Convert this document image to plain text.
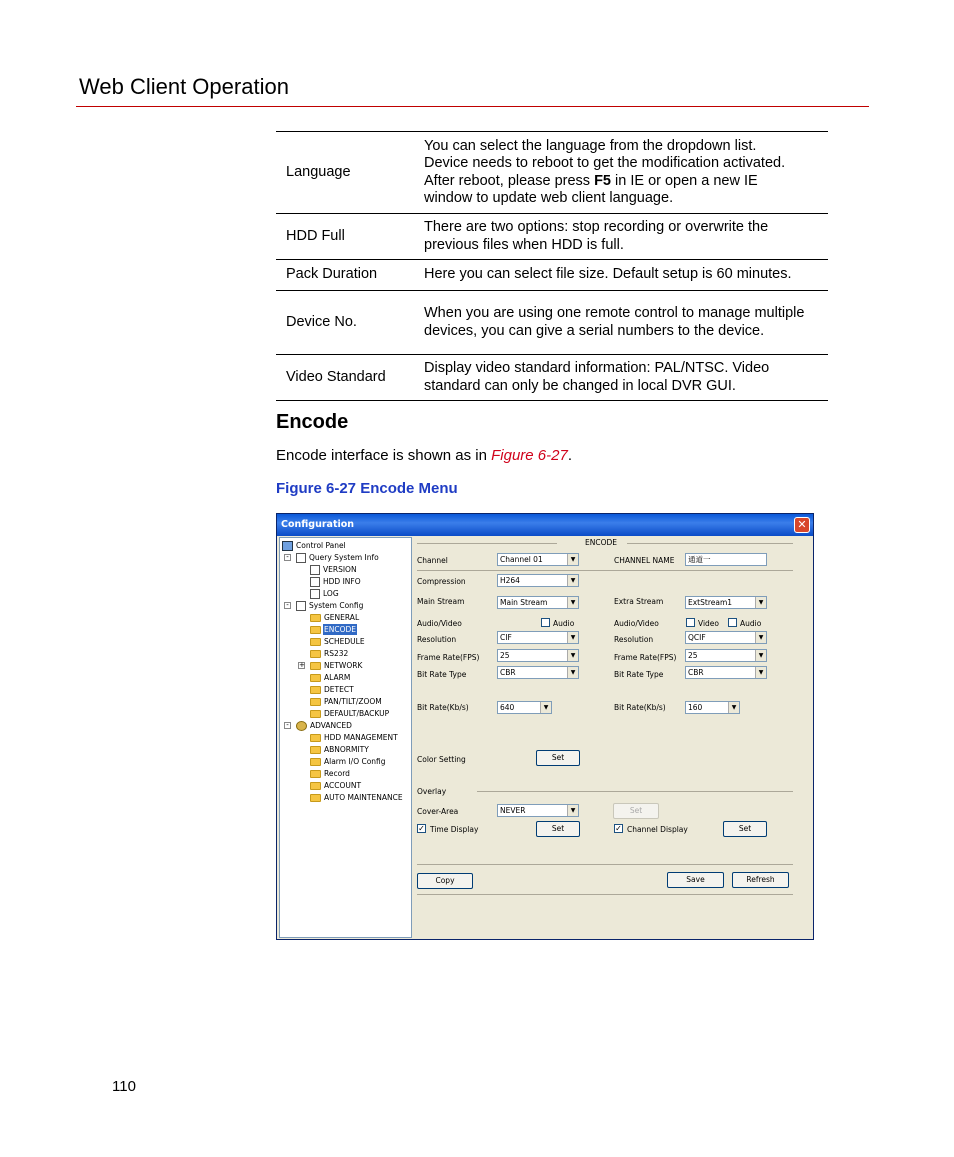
Web Client Operation
Language	You can select the language from the dropdown list.
Device needs to reboot to get the modification activated.
After reboot, please press F5 in IE or open a new IE
window to update web client language.
HDD Full	There are two options: stop recording or overwrite the previous files when HDD is full.
Pack Duration	Here you can select file size. Default setup is 60 minutes.
Device No.	When you are using one remote control to manage multiple devices, you can give a serial numbers to the device.
Video Standard	Display video standard information: PAL/NTSC. Video standard can only be changed in local DVR GUI.
Encode
Encode interface is shown as in Figure 6-27.
Figure 6-27 Encode Menu
Configuration	✕
Control Panel
-	Query System Info
VERSION
HDD INFO
LOG
-	System Config
GENERAL
ENCODE
SCHEDULE
RS232
+	NETWORK
ALARM
DETECT
PAN/TILT/ZOOM
DEFAULT/BACKUP
-	ADVANCED
HDD MANAGEMENT
ABNORMITY
Alarm I/O Config
Record
ACCOUNT
AUTO MAINTENANCE
ENCODE
Channel	Channel 01	▼	CHANNEL NAME	通道一
Compression	H264	▼
Main Stream	Main Stream	▼	Extra Stream	ExtStream1	▼
Audio/Video	Audio	Audio/Video	Video	Audio
Resolution	CIF	▼	Resolution	QCIF	▼
Frame Rate(FPS)	25	▼	Frame Rate(FPS)	25	▼
Bit Rate Type	CBR	▼	Bit Rate Type	CBR	▼
Bit Rate(Kb/s)	640	▼	Bit Rate(Kb/s)	160	▼
Color Setting	Set
Overlay
Cover-Area	NEVER	▼	Set
✓ Time Display	Set	✓ Channel Display	Set
Copy	Save	Refresh
110
